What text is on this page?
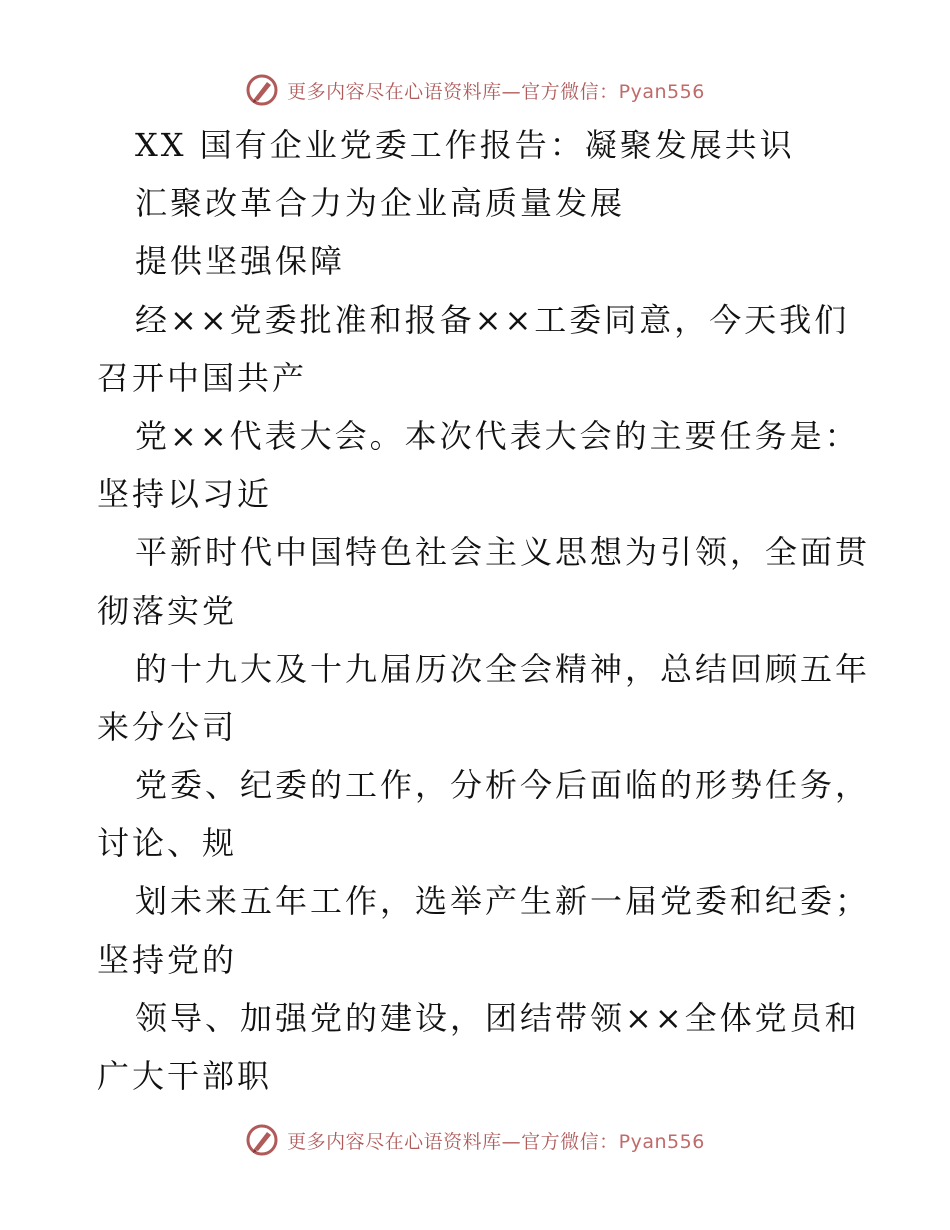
更多内容尽在心语资料库—官方微信：Pyan556
XX 国有企业党委工作报告：凝聚发展共识
汇聚改革合力为企业高质量发展
提供坚强保障
经××党委批准和报备××工委同意，今天我们
召开中国共产
党××代表大会。本次代表大会的主要任务是：
坚持以习近
平新时代中国特色社会主义思想为引领，全面贯
彻落实党
的十九大及十九届历次全会精神，总结回顾五年
来分公司
党委、纪委的工作，分析今后面临的形势任务，
讨论、规
划未来五年工作，选举产生新一届党委和纪委；
坚持党的
领导、加强党的建设，团结带领××全体党员和
广大干部职
更多内容尽在心语资料库—官方微信：Pyan556
